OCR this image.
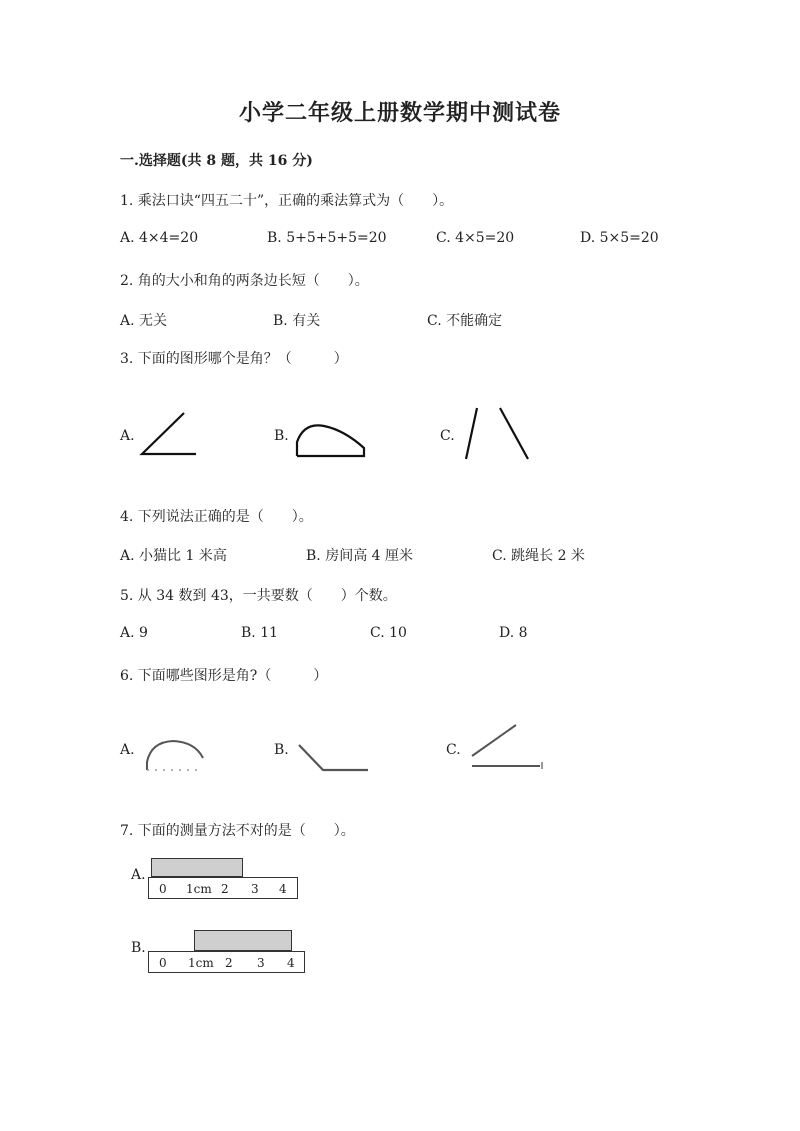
小学二年级上册数学期中测试卷
一.选择题(共 8 题，共 16 分)
1. 乘法口诀“四五二十”，正确的乘法算式为（　　）。
A. 4×4=20	B. 5+5+5+5=20	C. 4×5=20	D. 5×5=20
2. 角的大小和角的两条边长短（　　）。
A. 无关	B. 有关	C. 不能确定
3. 下面的图形哪个是角？（　　　）
A.	B.	C.
4. 下列说法正确的是（　　）。
A. 小猫比 1 米高	B. 房间高 4 厘米	C. 跳绳长 2 米
5. 从 34 数到 43，一共要数（　　）个数。
A. 9	B. 11	C. 10	D. 8
6. 下面哪些图形是角?（　　　）
A.	B.	C.
7. 下面的测量方法不对的是（　　）。
A.
0 1cm 2 3 4
B.
0 1cm 2 3 4
